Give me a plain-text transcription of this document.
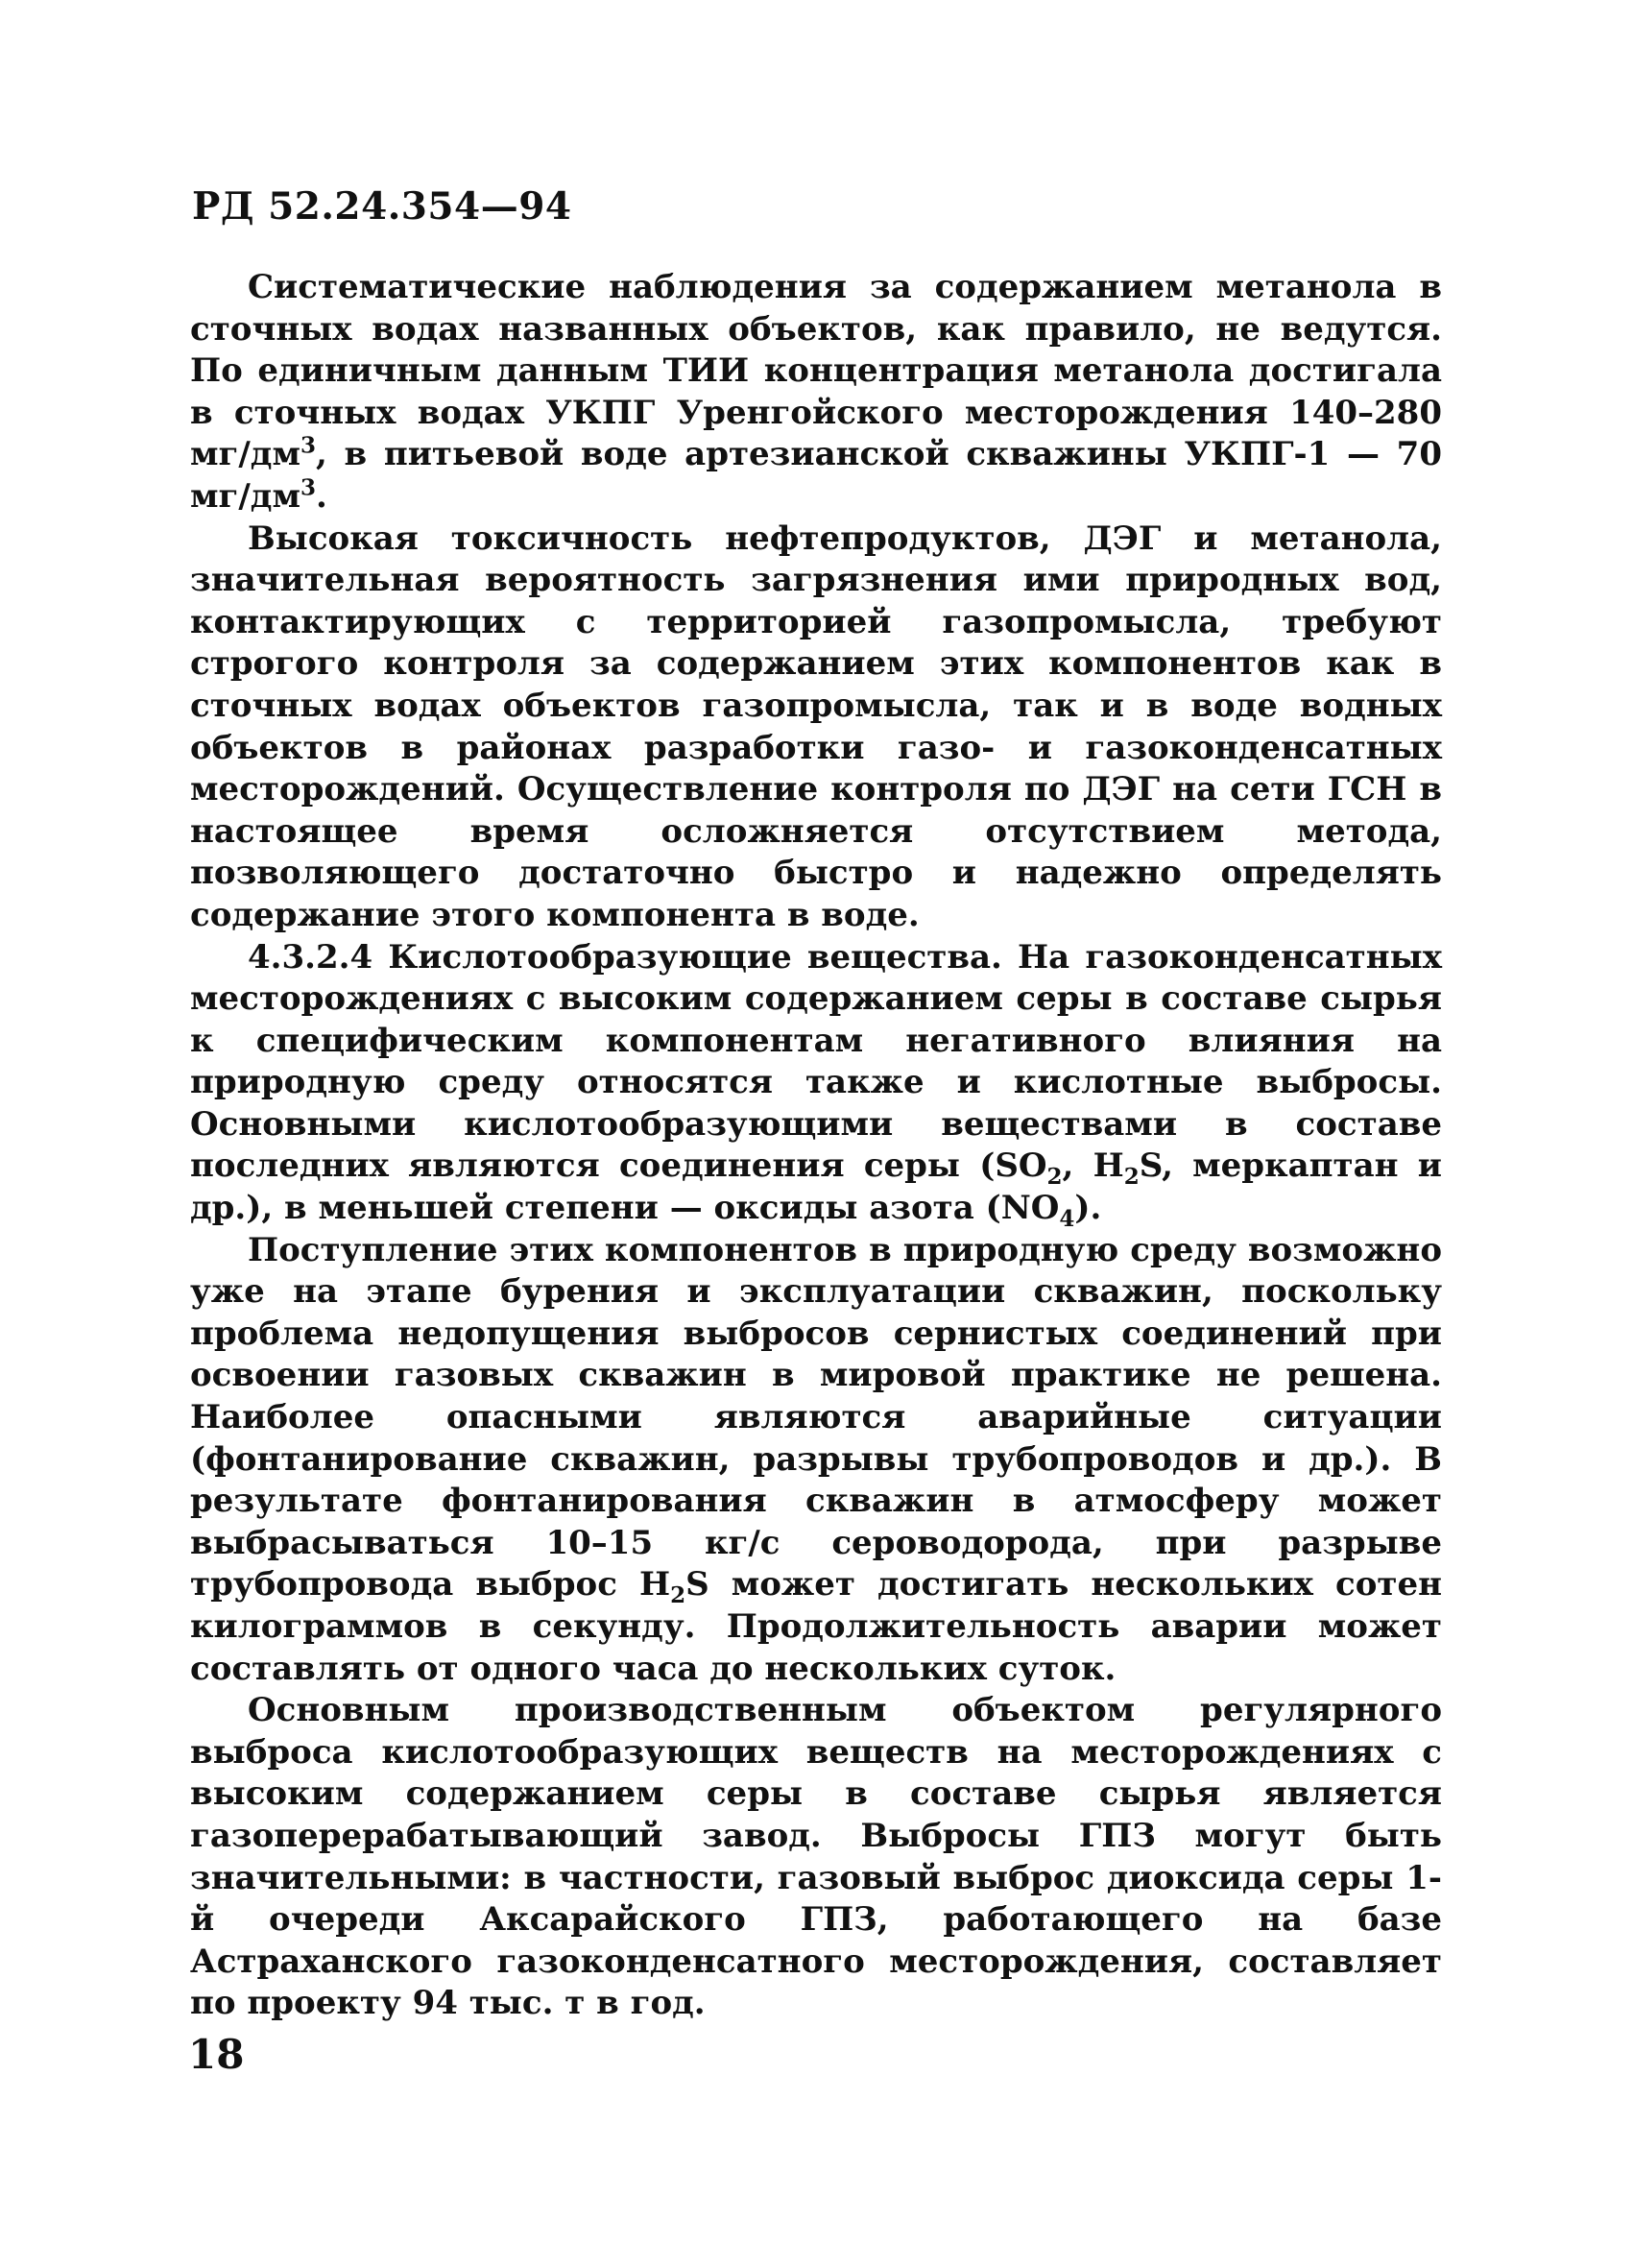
РД 52.24.354—94

Систематические наблюдения за содержанием метанола в сточных водах названных объектов, как правило, не ведутся. По единичным данным ТИИ концентрация метанола достигала в сточных водах УКПГ Уренгойского месторождения 140–280 $мг/дм^3$, в питьевой воде артезианской скважины УКПГ-1 — 70 $мг/дм^3$.

Высокая токсичность нефтепродуктов, ДЭГ и метанола, значительная вероятность загрязнения ими природных вод, контактирующих с территорией газопромысла, требуют строгого контроля за содержанием этих компонентов как в сточных водах объектов газопромысла, так и в воде водных объектов в районах разработки газо- и газоконденсатных месторождений. Осуществление контроля по ДЭГ на сети ГСН в настоящее время осложняется отсутствием метода, позволяющего достаточно быстро и надежно определять содержание этого компонента в воде.

4.3.2.4 Кислотообразующие вещества. На газоконденсатных месторождениях с высоким содержанием серы в составе сырья к специфическим компонентам негативного влияния на природную среду относятся также и кислотные выбросы. Основными кислотообразующими веществами в составе последних являются соединения серы ($SO_2$, $H_2S$, меркаптан и др.), в меньшей степени — оксиды азота $(NO_4)$.

Поступление этих компонентов в природную среду возможно уже на этапе бурения и эксплуатации скважин, поскольку проблема недопущения выбросов сернистых соединений при освоении газовых скважин в мировой практике не решена. Наиболее опасными являются аварийные ситуации (фонтанирование скважин, разрывы трубопроводов и др.). В результате фонтанирования скважин в атмосферу может выбрасываться 10–15 кг/с сероводорода, при разрыве трубопровода выброс $H_2S$ может достигать нескольких сотен килограммов в секунду. Продолжительность аварии может составлять от одного часа до нескольких суток.

Основным производственным объектом регулярного выброса кислотообразующих веществ на месторождениях с высоким содержанием серы в составе сырья является газоперерабатывающий завод. Выбросы ГПЗ могут быть значительными: в частности, газовый выброс диоксида серы 1-й очереди Аксарайского ГПЗ, работающего на базе Астраханского газоконденсатного месторождения, составляет по проекту 94 тыс. т в год.

18
